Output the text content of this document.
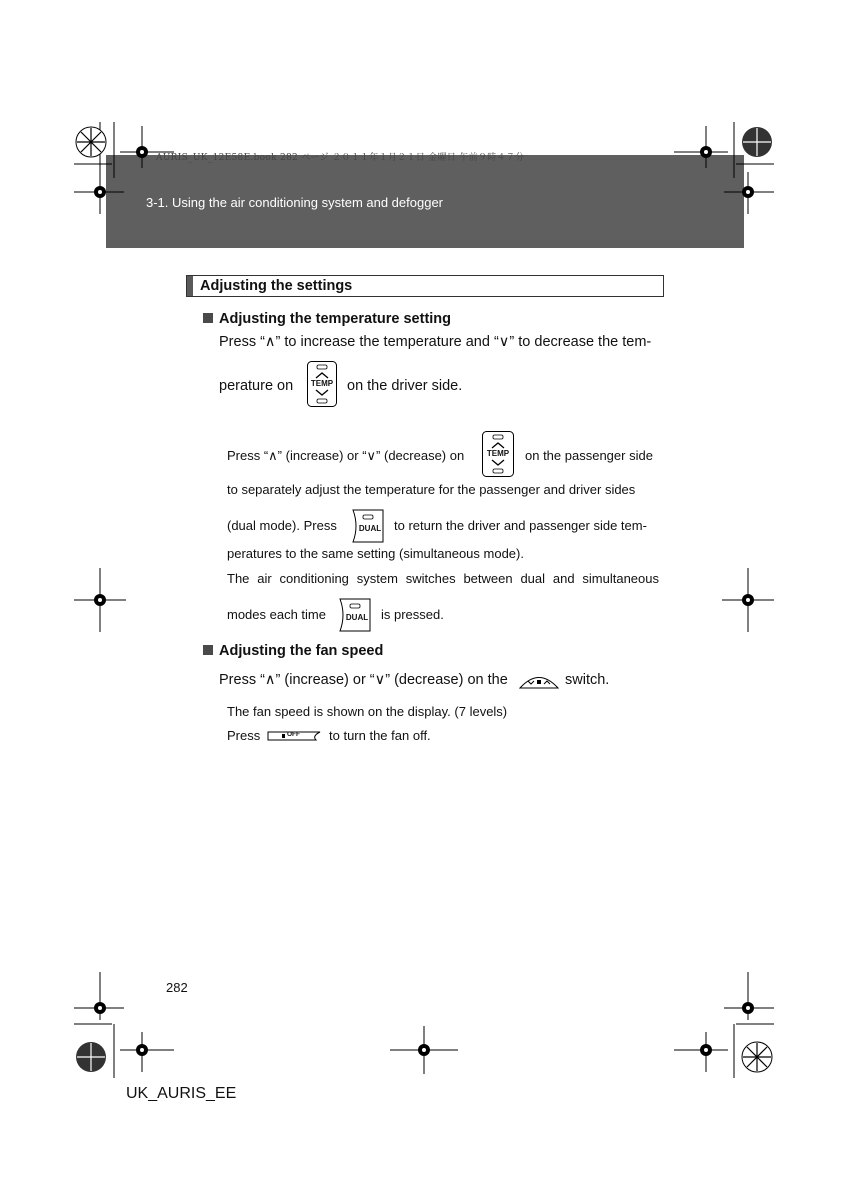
AURIS_UK_12E58E.book 282 ページ ２０１１年１月２１日 金曜日 午前９時４７分
3-1. Using the air conditioning system and defogger
Adjusting the settings
Adjusting the temperature setting
Press “∧” to increase the temperature and “∨” to decrease the tem-
perature on	TEMP on the driver side.
Press “∧” (increase) or “∨” (decrease) on	TEMP	on the passenger side
to separately adjust the temperature for the passenger and driver sides
(dual mode). Press	DUAL to return the driver and passenger side tem-
peratures to the same setting (simultaneous mode).
The air conditioning system switches between dual and simultaneous
modes each time	DUAL is pressed.
Adjusting the fan speed
Press “∧” (increase) or “∨” (decrease) on the	switch.
The fan speed is shown on the display. (7 levels)
Press	OFF to turn the fan off.
282
UK_AURIS_EE
